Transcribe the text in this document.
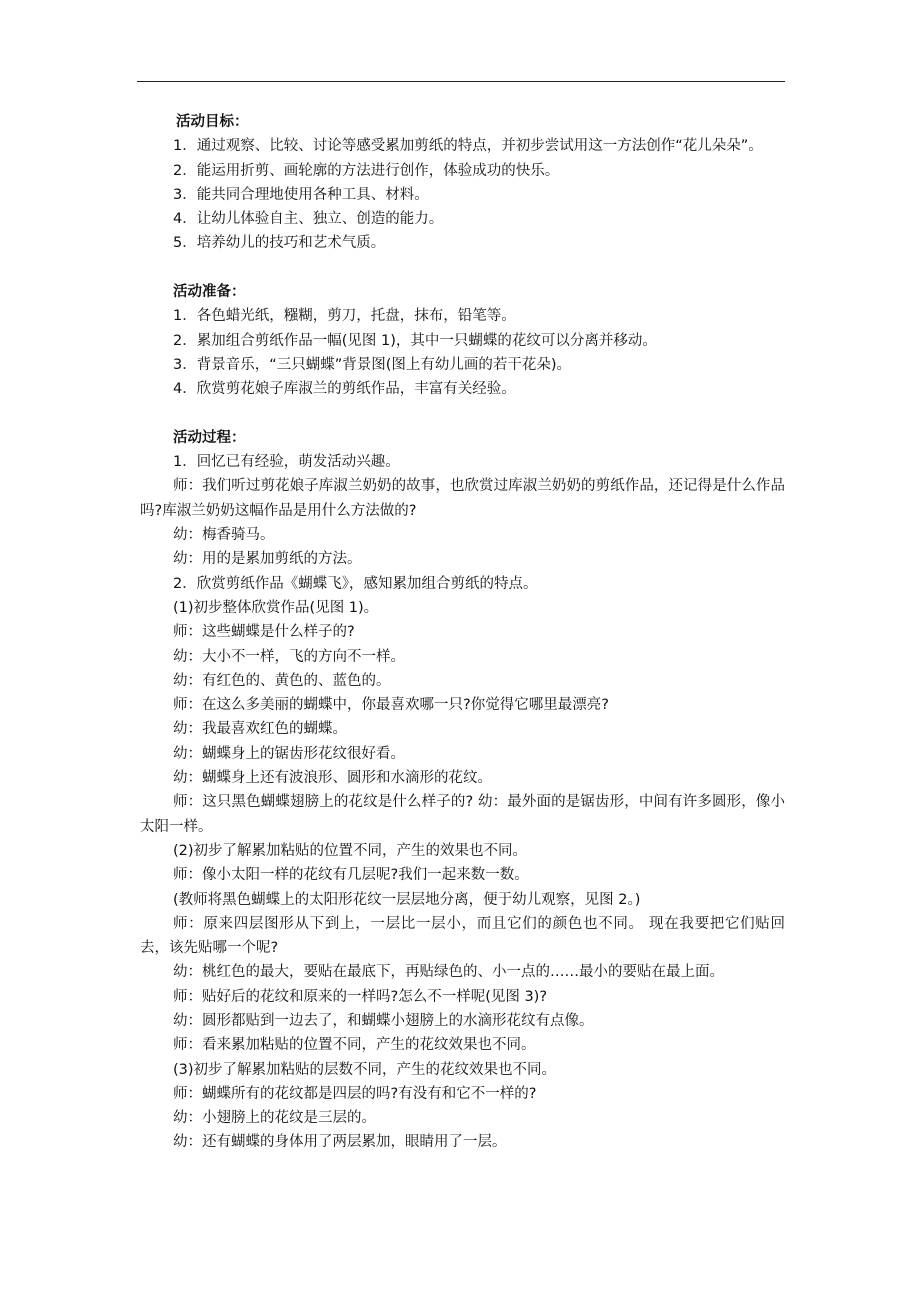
活动目标：

1．通过观察、比较、讨论等感受累加剪纸的特点，并初步尝试用这一方法创作“花儿朵朵”。

2．能运用折剪、画轮廓的方法进行创作，体验成功的快乐。

3．能共同合理地使用各种工具、材料。

4．让幼儿体验自主、独立、创造的能力。

5．培养幼儿的技巧和艺术气质。

活动准备：

1．各色蜡光纸，糨糊，剪刀，托盘，抹布，铅笔等。

2．累加组合剪纸作品一幅(见图 1)，其中一只蝴蝶的花纹可以分离并移动。

3．背景音乐，“三只蝴蝶”背景图(图上有幼儿画的若干花朵)。

4．欣赏剪花娘子库淑兰的剪纸作品，丰富有关经验。

活动过程：

1．回忆已有经验，萌发活动兴趣。

师：我们听过剪花娘子库淑兰奶奶的故事，也欣赏过库淑兰奶奶的剪纸作品，还记得是什么作品吗?库淑兰奶奶这幅作品是用什么方法做的?

幼：梅香骑马。

幼：用的是累加剪纸的方法。

2．欣赏剪纸作品《蝴蝶飞》，感知累加组合剪纸的特点。

(1)初步整体欣赏作品(见图 1)。

师：这些蝴蝶是什么样子的?

幼：大小不一样，飞的方向不一样。

幼：有红色的、黄色的、蓝色的。

师：在这么多美丽的蝴蝶中，你最喜欢哪一只?你觉得它哪里最漂亮?

幼：我最喜欢红色的蝴蝶。

幼：蝴蝶身上的锯齿形花纹很好看。

幼：蝴蝶身上还有波浪形、圆形和水滴形的花纹。

师：这只黑色蝴蝶翅膀上的花纹是什么样子的? 幼：最外面的是锯齿形，中间有许多圆形，像小太阳一样。

(2)初步了解累加粘贴的位置不同，产生的效果也不同。

师：像小太阳一样的花纹有几层呢?我们一起来数一数。

(教师将黑色蝴蝶上的太阳形花纹一层层地分离，便于幼儿观察，见图 2。)

师：原来四层图形从下到上，一层比一层小，而且它们的颜色也不同。 现在我要把它们贴回去，该先贴哪一个呢?

幼：桃红色的最大，要贴在最底下，再贴绿色的、小一点的……最小的要贴在最上面。

师：贴好后的花纹和原来的一样吗?怎么不一样呢(见图 3)?

幼：圆形都贴到一边去了，和蝴蝶小翅膀上的水滴形花纹有点像。

师：看来累加粘贴的位置不同，产生的花纹效果也不同。

(3)初步了解累加粘贴的层数不同，产生的花纹效果也不同。

师：蝴蝶所有的花纹都是四层的吗?有没有和它不一样的?

幼：小翅膀上的花纹是三层的。

幼：还有蝴蝶的身体用了两层累加，眼睛用了一层。
